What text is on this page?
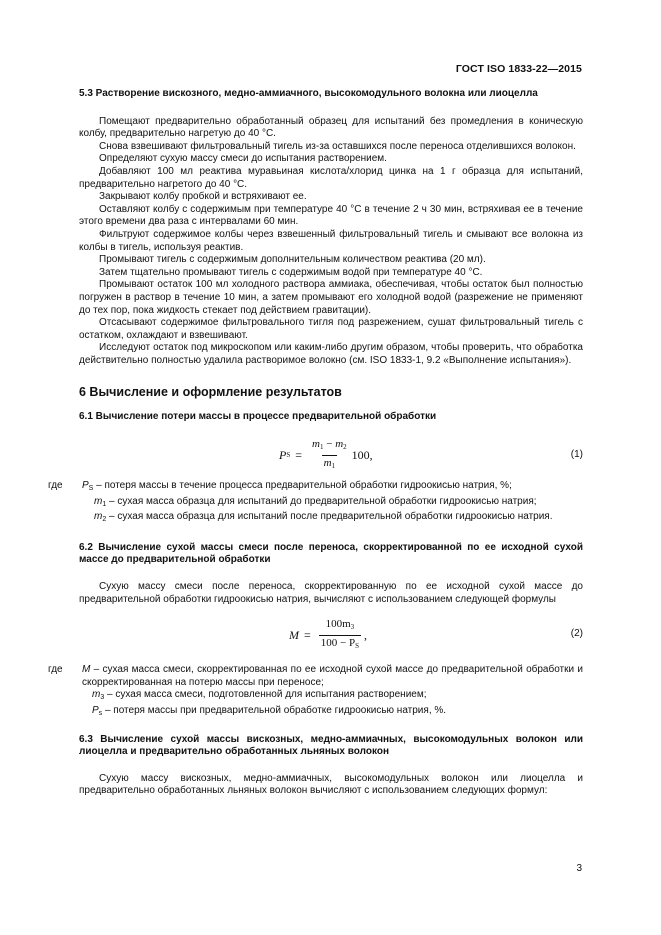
ГОСТ ISO 1833-22—2015
5.3 Растворение вискозного, медно-аммиачного, высокомодульного волокна или лиоцелла

Помещают предварительно обработанный образец для испытаний без промедления в коническую колбу, предварительно нагретую до 40 °C.

Снова взвешивают фильтровальный тигель из-за оставшихся после переноса отделившихся волокон.

Определяют сухую массу смеси до испытания растворением.

Добавляют 100 мл реактива муравьиная кислота/хлорид цинка на 1 г образца для испытаний, предварительно нагретого до 40 °C.

Закрывают колбу пробкой и встряхивают ее.

Оставляют колбу с содержимым при температуре 40 °C в течение 2 ч 30 мин, встряхивая ее в течение этого времени два раза с интервалами 60 мин.

Фильтруют содержимое колбы через взвешенный фильтровальный тигель и смывают все волокна из колбы в тигель, используя реактив.

Промывают тигель с содержимым дополнительным количеством реактива (20 мл).

Затем тщательно промывают тигель с содержимым водой при температуре 40 °C.

Промывают остаток 100 мл холодного раствора аммиака, обеспечивая, чтобы остаток был полностью погружен в раствор в течение 10 мин, а затем промывают его холодной водой (разрежение не применяют до тех пор, пока жидкость стекает под действием гравитации).

Отсасывают содержимое фильтровального тигля под разрежением, сушат фильтровальный тигель с остатком, охлаждают и взвешивают.

Исследуют остаток под микроскопом или каким-либо другим образом, чтобы проверить, что обработка действительно полностью удалила растворимое волокно (см. ISO 1833-1, 9.2 «Выполнение испытания»).

6 Вычисление и оформление результатов
6.1 Вычисление потери массы в процессе предварительной обработки
P $S = \frac{m_1 - m_2}{m_1} 100$,	(1)
где	$P_S$ – потеря массы в течение процесса предварительной обработки гидроокисью натрия, %;
$m_1$ – сухая масса образца для испытаний до предварительной обработки гидроокисью натрия;
$m_2$ – сухая масса образца для испытаний после предварительной обработки гидроокисью натрия.
6.2 Вычисление сухой массы смеси после переноса, скорректированной по ее исходной сухой массе до предварительной обработки

Сухую массу смеси после переноса, скорректированную по ее исходной сухой массе до предварительной обработки гидроокисью натрия, вычисляют с использованием следующей формулы

$M = \frac{100m_3}{100 - P_S}$ ,	(2)
где	M – сухая масса смеси, скорректированная по ее исходной сухой массе до предварительной обработки и скорректированная на потерю массы при переносе;
$m_3$ – сухая масса смеси, подготовленной для испытания растворением;
$P_s$ – потеря массы при предварительной обработке гидроокисью натрия, %.
6.3 Вычисление сухой массы вискозных, медно-аммиачных, высокомодульных волокон или лиоцелла и предварительно обработанных льняных волокон

Сухую массу вискозных, медно-аммиачных, высокомодульных волокон или лиоцелла и предварительно обработанных льняных волокон вычисляют с использованием следующих формул:

3
